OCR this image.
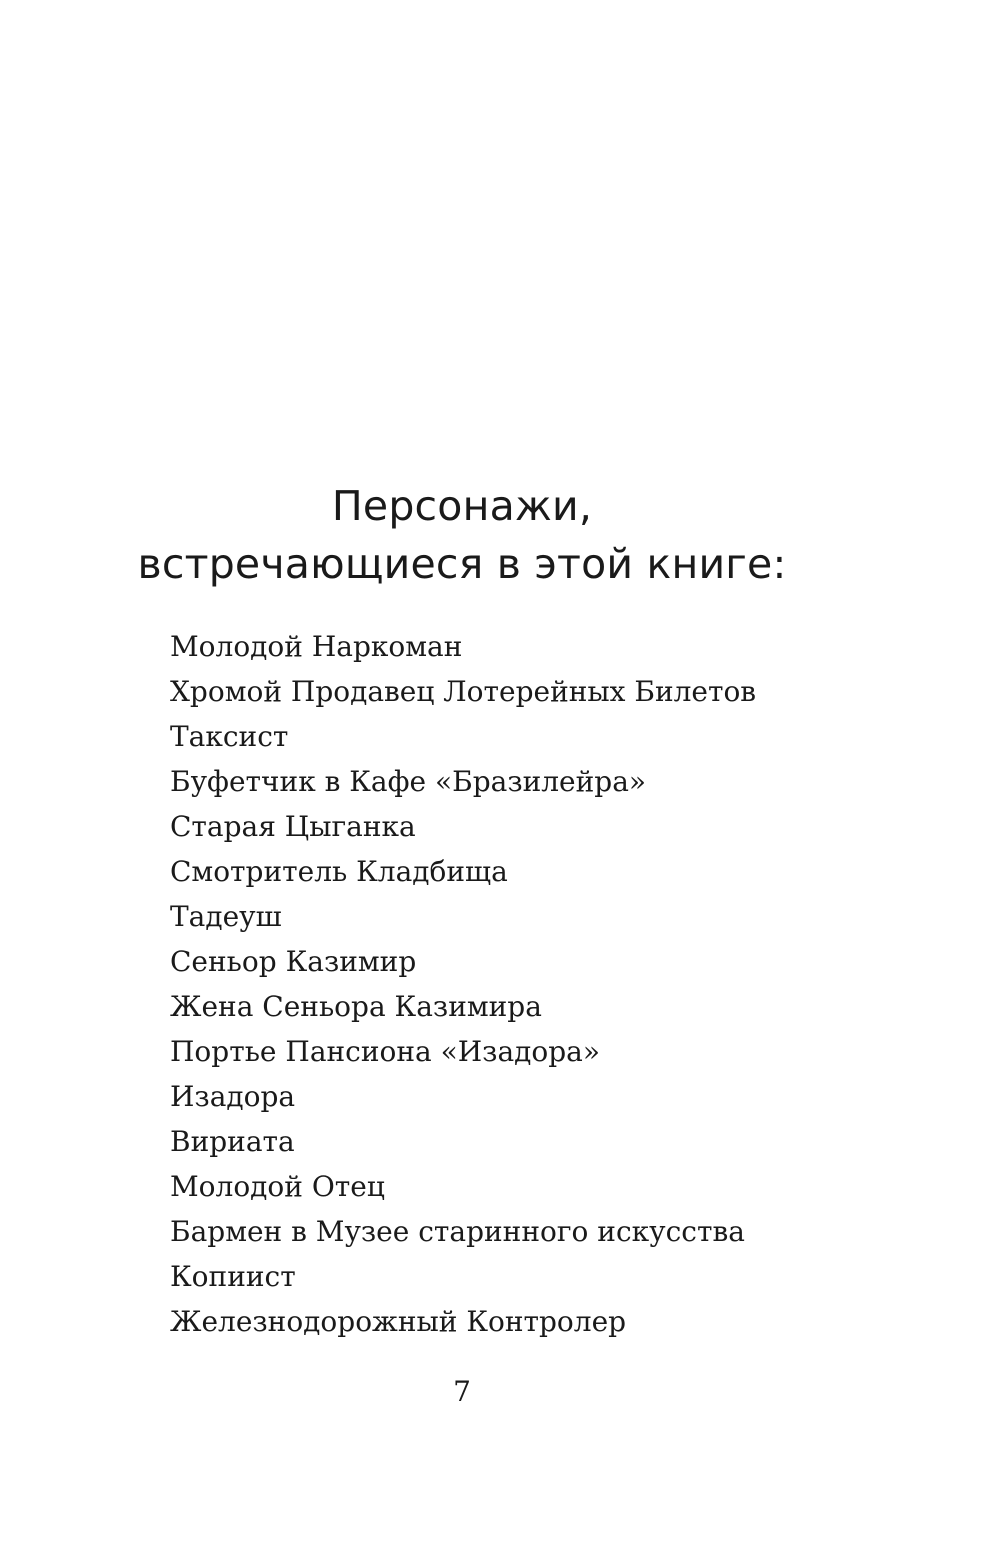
Персонажи,
встречающиеся в этой книге:
Молодой Наркоман
Хромой Продавец Лотерейных Билетов
Таксист
Буфетчик в Кафе «Бразилейра»
Старая Цыганка
Смотритель Кладбища
Тадеуш
Сеньор Казимир
Жена Сеньора Казимира
Портье Пансиона «Изадора»
Изадора
Вириата
Молодой Отец
Бармен в Музее старинного искусства
Копиист
Железнодорожный Контролер
7
